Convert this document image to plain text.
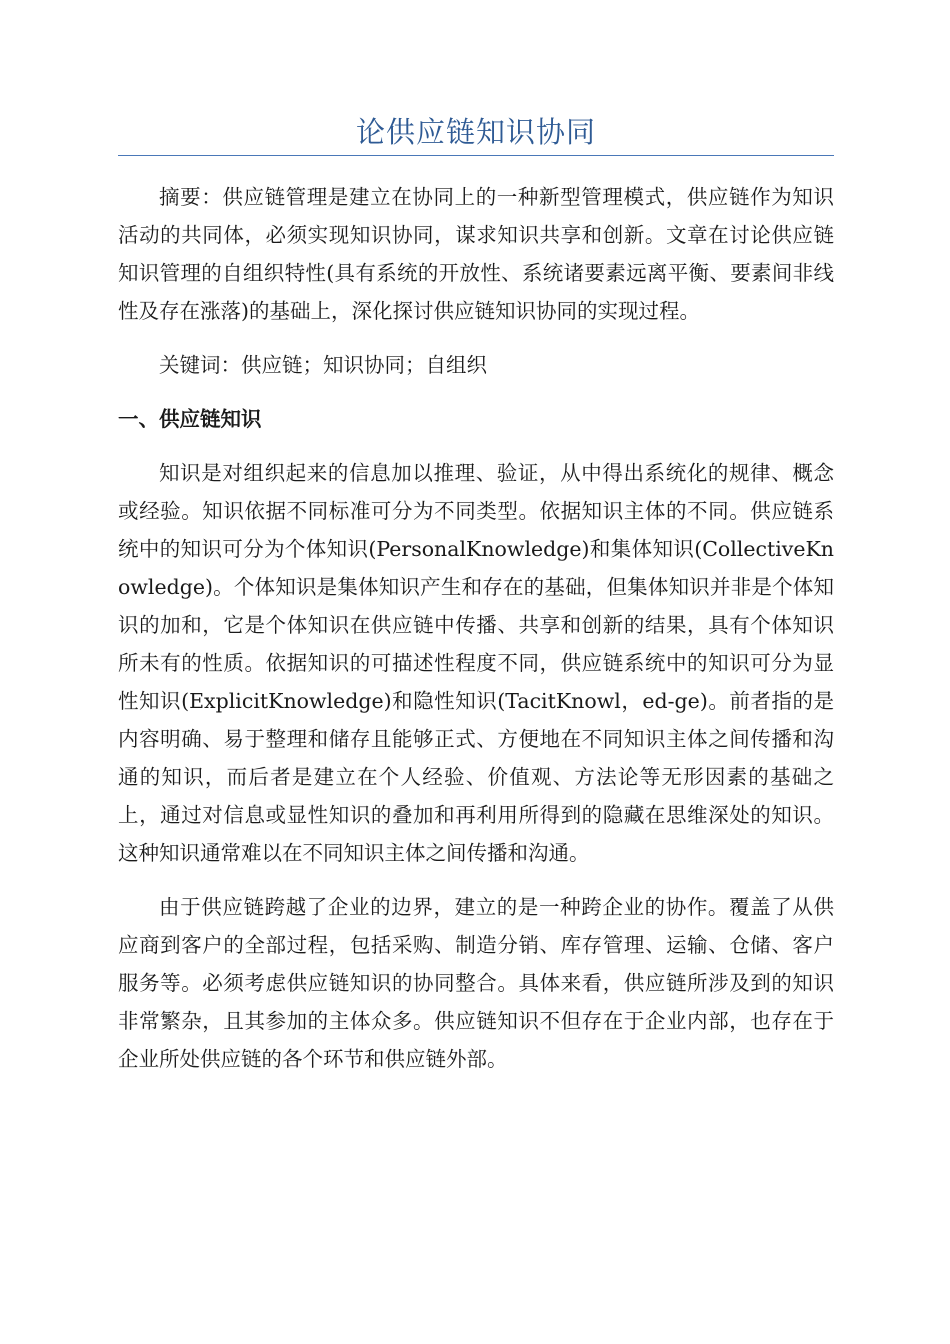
论供应链知识协同

摘要：供应链管理是建立在协同上的一种新型管理模式，供应链作为知识活动的共同体，必须实现知识协同，谋求知识共享和创新。文章在讨论供应链知识管理的自组织特性(具有系统的开放性、系统诸要素远离平衡、要素间非线性及存在涨落)的基础上，深化探讨供应链知识协同的实现过程。

关键词：供应链；知识协同；自组织

一、供应链知识

知识是对组织起来的信息加以推理、验证，从中得出系统化的规律、概念或经验。知识依据不同标准可分为不同类型。依据知识主体的不同。供应链系统中的知识可分为个体知识(PersonalKnowledge)和集体知识(CollectiveKnowledge)。个体知识是集体知识产生和存在的基础，但集体知识并非是个体知识的加和，它是个体知识在供应链中传播、共享和创新的结果，具有个体知识所未有的性质。依据知识的可描述性程度不同，供应链系统中的知识可分为显性知识(ExplicitKnowledge)和隐性知识(TacitKnowl，ed-ge)。前者指的是内容明确、易于整理和储存且能够正式、方便地在不同知识主体之间传播和沟通的知识，而后者是建立在个人经验、价值观、方法论等无形因素的基础之上，通过对信息或显性知识的叠加和再利用所得到的隐藏在思维深处的知识。这种知识通常难以在不同知识主体之间传播和沟通。

由于供应链跨越了企业的边界，建立的是一种跨企业的协作。覆盖了从供应商到客户的全部过程，包括采购、制造分销、库存管理、运输、仓储、客户服务等。必须考虑供应链知识的协同整合。具体来看，供应链所涉及到的知识非常繁杂，且其参加的主体众多。供应链知识不但存在于企业内部，也存在于企业所处供应链的各个环节和供应链外部。
